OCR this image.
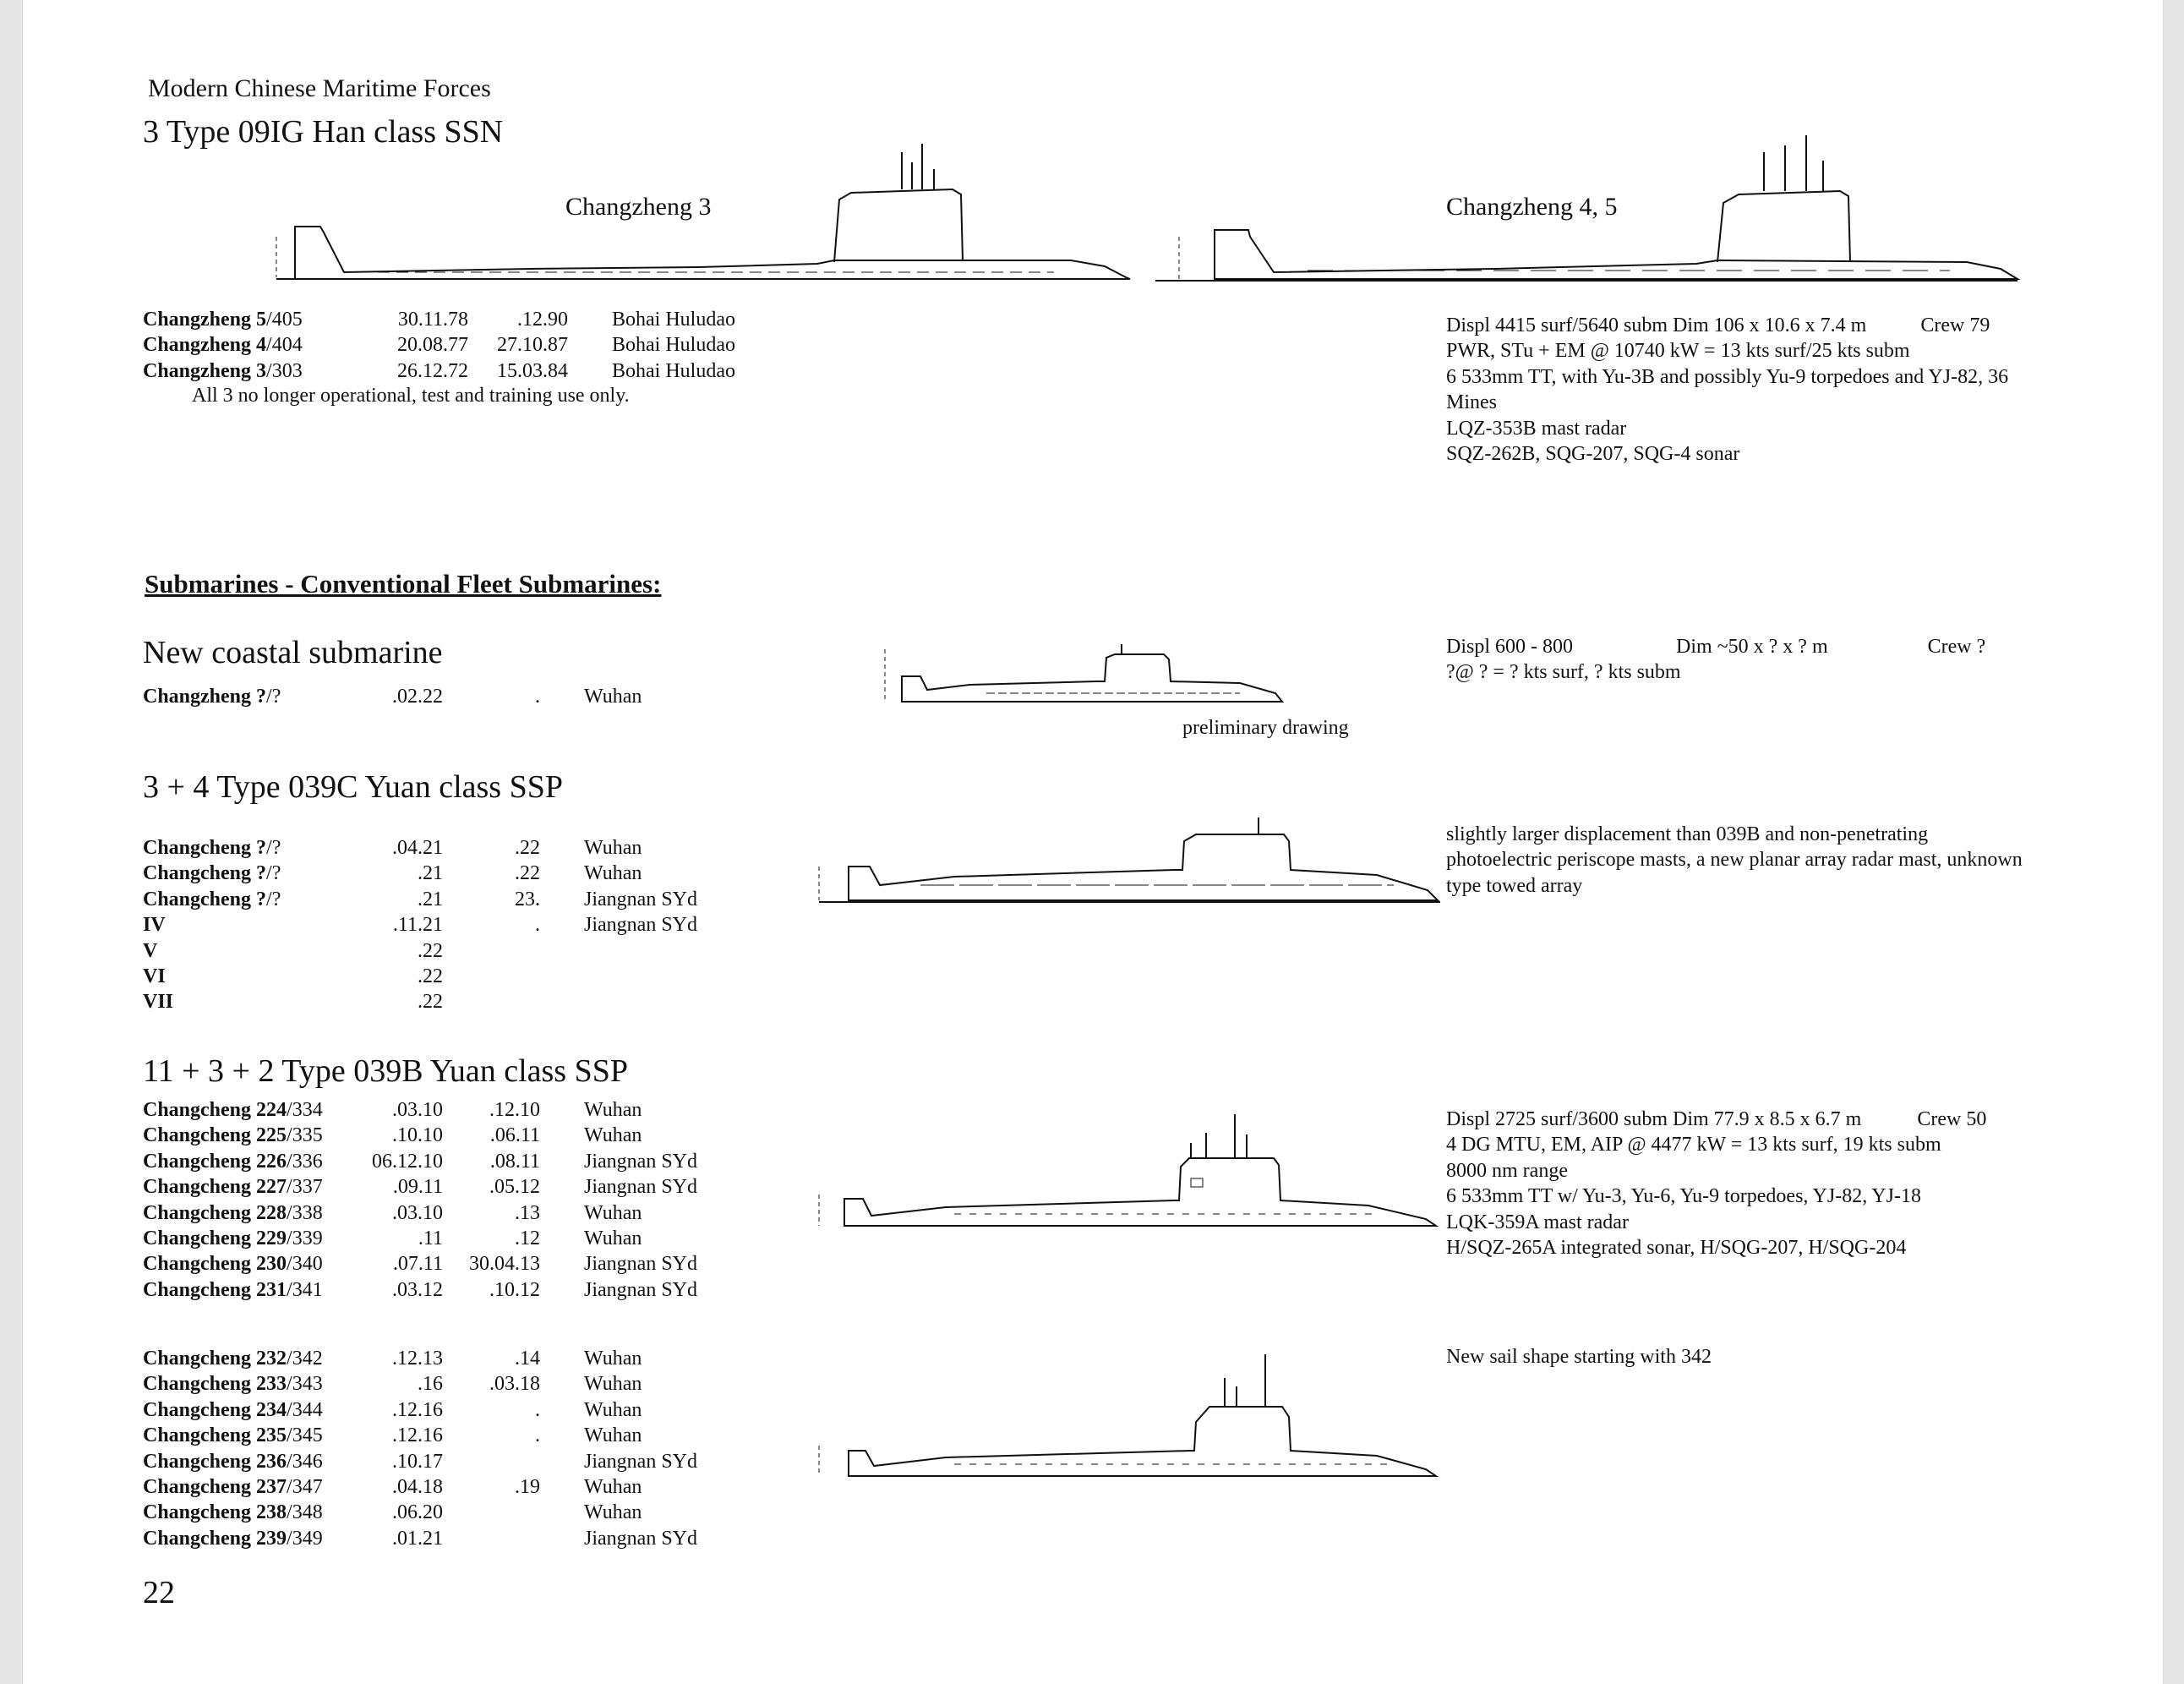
Modern Chinese Maritime Forces
3 Type 09IG Han class SSN
Changzheng 3	Changzheng 4, 5
Changzheng 5/405	30.11.78	.12.90	Bohai Huludao
Changzheng 4/404	20.08.77	27.10.87	Bohai Huludao
Changzheng 3/303	26.12.72	15.03.84	Bohai Huludao
All 3 no longer operational, test and training use only.
Displ 4415 surf/5640 subm Dim 106 x 10.6 x 7.4 m	Crew 79
PWR, STu + EM @ 10740 kW = 13 kts surf/25 kts subm
6 533mm TT, with Yu-3B and possibly Yu-9 torpedoes and YJ-82, 36
Mines
LQZ-353B mast radar
SQZ-262B, SQG-207, SQG-4 sonar
Submarines - Conventional Fleet Submarines:
New coastal submarine
Changzheng ?/?	.02.22	.	Wuhan
preliminary drawing
Displ 600 - 800	Dim ~50 x ? x ? m	Crew ?
?@ ? = ? kts surf, ? kts subm
3 + 4 Type 039C Yuan class SSP
Changcheng ?/?	.04.21	.22	Wuhan
Changcheng ?/?	.21	.22	Wuhan
Changcheng ?/?	.21	23.	Jiangnan SYd
IV	.11.21	.	Jiangnan SYd
V	.22		
VI	.22		
VII	.22		
slightly larger displacement than 039B and non-penetrating
photoelectric periscope masts, a new planar array radar mast, unknown
type towed array
11 + 3 + 2 Type 039B Yuan class SSP
Changcheng 224/334	.03.10	.12.10	Wuhan
Changcheng 225/335	.10.10	.06.11	Wuhan
Changcheng 226/336	06.12.10	.08.11	Jiangnan SYd
Changcheng 227/337	.09.11	.05.12	Jiangnan SYd
Changcheng 228/338	.03.10	.13	Wuhan
Changcheng 229/339	.11	.12	Wuhan
Changcheng 230/340	.07.11	30.04.13	Jiangnan SYd
Changcheng 231/341	.03.12	.10.12	Jiangnan SYd
Displ 2725 surf/3600 subm Dim 77.9 x 8.5 x 6.7 m	Crew 50
4 DG MTU, EM, AIP @ 4477 kW = 13 kts surf, 19 kts subm
8000 nm range
6 533mm TT w/ Yu-3, Yu-6, Yu-9 torpedoes, YJ-82, YJ-18
LQK-359A mast radar
H/SQZ-265A integrated sonar, H/SQG-207, H/SQG-204
Changcheng 232/342	.12.13	.14	Wuhan
Changcheng 233/343	.16	.03.18	Wuhan
Changcheng 234/344	.12.16	.	Wuhan
Changcheng 235/345	.12.16	.	Wuhan
Changcheng 236/346	.10.17		Jiangnan SYd
Changcheng 237/347	.04.18	.19	Wuhan
Changcheng 238/348	.06.20		Wuhan
Changcheng 239/349	.01.21		Jiangnan SYd
New sail shape starting with 342
22
